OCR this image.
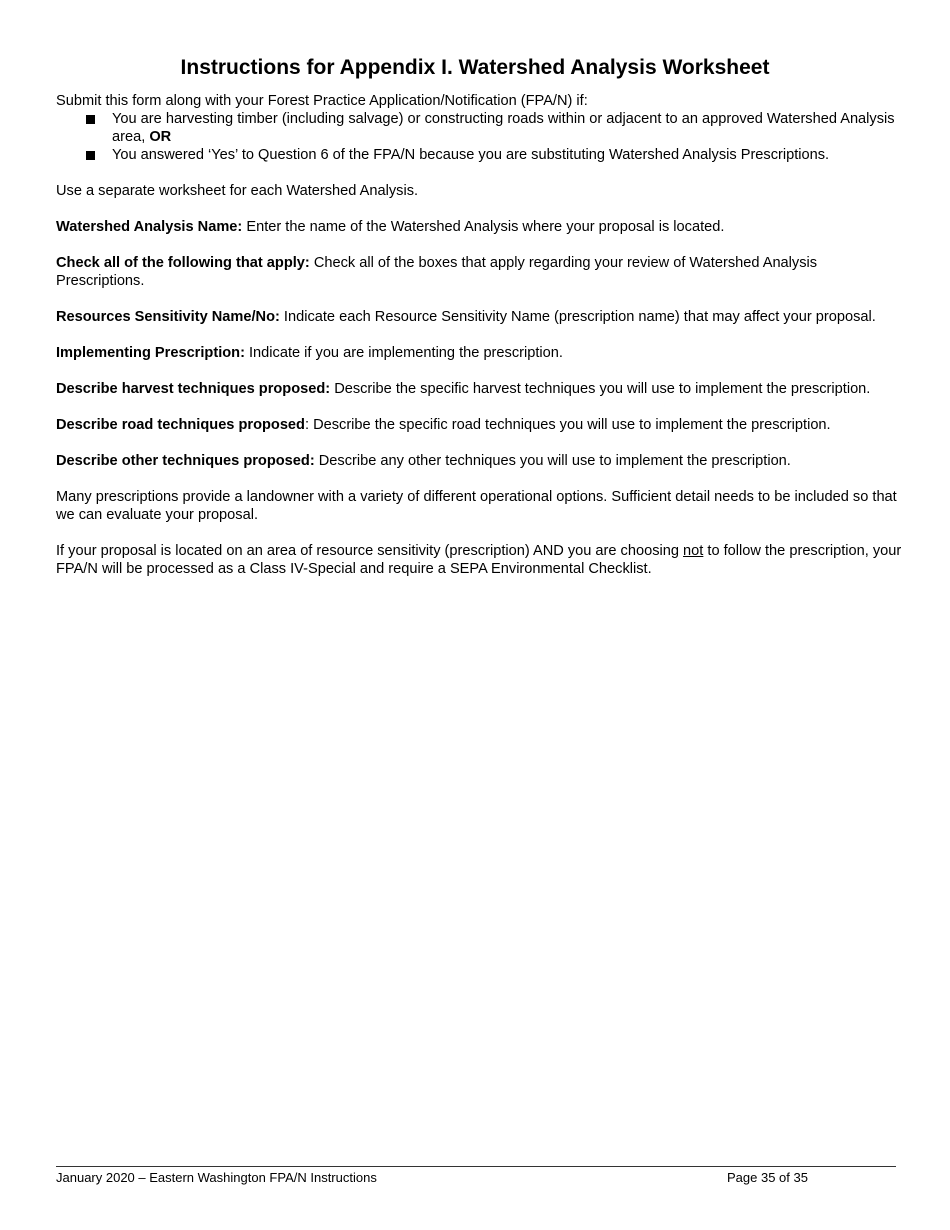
Instructions for Appendix I. Watershed Analysis Worksheet

Submit this form along with your Forest Practice Application/Notification (FPA/N) if:

You are harvesting timber (including salvage) or constructing roads within or adjacent to an approved Watershed Analysis area, OR
You answered ‘Yes’ to Question 6 of the FPA/N because you are substituting Watershed Analysis Prescriptions.

Use a separate worksheet for each Watershed Analysis.

Watershed Analysis Name: Enter the name of the Watershed Analysis where your proposal is located.

Check all of the following that apply: Check all of the boxes that apply regarding your review of Watershed Analysis Prescriptions.

Resources Sensitivity Name/No: Indicate each Resource Sensitivity Name (prescription name) that may affect your proposal.

Implementing Prescription: Indicate if you are implementing the prescription.

Describe harvest techniques proposed: Describe the specific harvest techniques you will use to implement the prescription.

Describe road techniques proposed: Describe the specific road techniques you will use to implement the prescription.

Describe other techniques proposed: Describe any other techniques you will use to implement the prescription.

Many prescriptions provide a landowner with a variety of different operational options. Sufficient detail needs to be included so that we can evaluate your proposal.

If your proposal is located on an area of resource sensitivity (prescription) AND you are choosing not to follow the prescription, your FPA/N will be processed as a Class IV-Special and require a SEPA Environmental Checklist.

January 2020 – Eastern Washington FPA/N Instructions	Page 35 of 35
